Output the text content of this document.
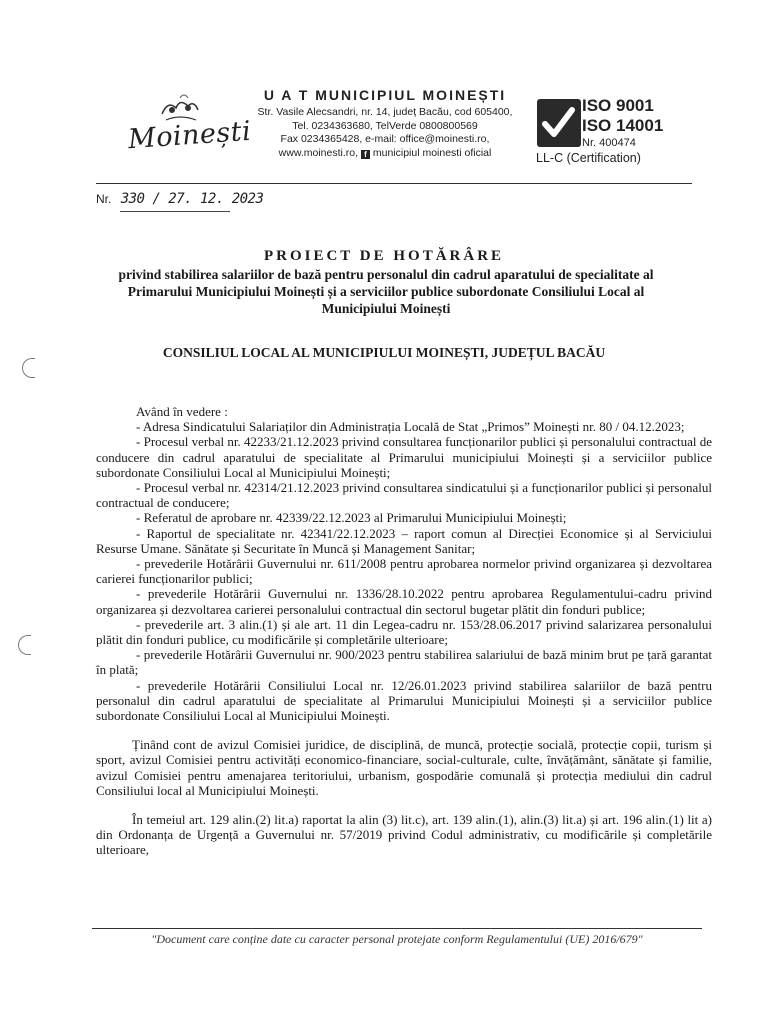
Moinești
U A T MUNICIPIUL MOINEȘTI
Str. Vasile Alecsandri, nr. 14, județ Bacău, cod 605400,
Tel. 0234363680, TelVerde 0800800569
Fax 0234365428, e-mail: office@moinesti.ro,
www.moinesti.ro, f municipiul moinesti oficial
ISO 9001
ISO 14001
Nr. 400474
LL-C (Certification)
Nr. 330 / 27. 12. 2023
PROIECT DE HOTĂRÂRE
privind stabilirea salariilor de bază pentru personalul din cadrul aparatului de specialitate al Primarului Municipiului Moinești și a serviciilor publice subordonate Consiliului Local al Municipiului Moinești
CONSILIUL LOCAL AL MUNICIPIULUI MOINEȘTI, JUDEȚUL BACĂU

Având în vedere :

- Adresa Sindicatului Salariaților din Administrația Locală de Stat „Primos” Moinești nr. 80 / 04.12.2023;

- Procesul verbal nr. 42233/21.12.2023 privind consultarea funcționarilor publici și personalului contractual de conducere din cadrul aparatului de specialitate al Primarului municipiului Moinești și a serviciilor publice subordonate Consiliului Local al Municipiului Moinești;

- Procesul verbal nr. 42314/21.12.2023 privind consultarea sindicatului și a funcționarilor publici și personalul contractual de conducere;

- Referatul de aprobare nr. 42339/22.12.2023 al Primarului Municipiului Moinești;

- Raportul de specialitate nr. 42341/22.12.2023 – raport comun al Direcției Economice și al Serviciului Resurse Umane. Sănătate și Securitate în Muncă și Management Sanitar;

- prevederile Hotărârii Guvernului nr. 611/2008 pentru aprobarea normelor privind organizarea și dezvoltarea carierei funcționarilor publici;

- prevederile Hotărârii Guvernului nr. 1336/28.10.2022 pentru aprobarea Regulamentului-cadru privind organizarea și dezvoltarea carierei personalului contractual din sectorul bugetar plătit din fonduri publice;

- prevederile art. 3 alin.(1) și ale art. 11 din Legea-cadru nr. 153/28.06.2017 privind salarizarea personalului plătit din fonduri publice, cu modificările și completările ulterioare;

- prevederile Hotărârii Guvernului nr. 900/2023 pentru stabilirea salariului de bază minim brut pe țară garantat în plată;

- prevederile Hotărârii Consiliului Local nr. 12/26.01.2023 privind stabilirea salariilor de bază pentru personalul din cadrul aparatului de specialitate al Primarului Municipiului Moinești și a serviciilor publice subordonate Consiliului Local al Municipiului Moinești.

Ținând cont de avizul Comisiei juridice, de disciplină, de muncă, protecție socială, protecție copii, turism și sport, avizul Comisiei pentru activități economico-financiare, social-culturale, culte, învățământ, sănătate și familie, avizul Comisiei pentru amenajarea teritoriului, urbanism, gospodărie comunală și protecția mediului din cadrul Consiliului local al Municipiului Moinești.

În temeiul art. 129 alin.(2) lit.a) raportat la alin (3) lit.c), art. 139 alin.(1), alin.(3) lit.a) și art. 196 alin.(1) lit a) din Ordonanța de Urgență a Guvernului nr. 57/2019 privind Codul administrativ, cu modificările și completările ulterioare,

"Document care conține date cu caracter personal protejate conform Regulamentului (UE) 2016/679"
